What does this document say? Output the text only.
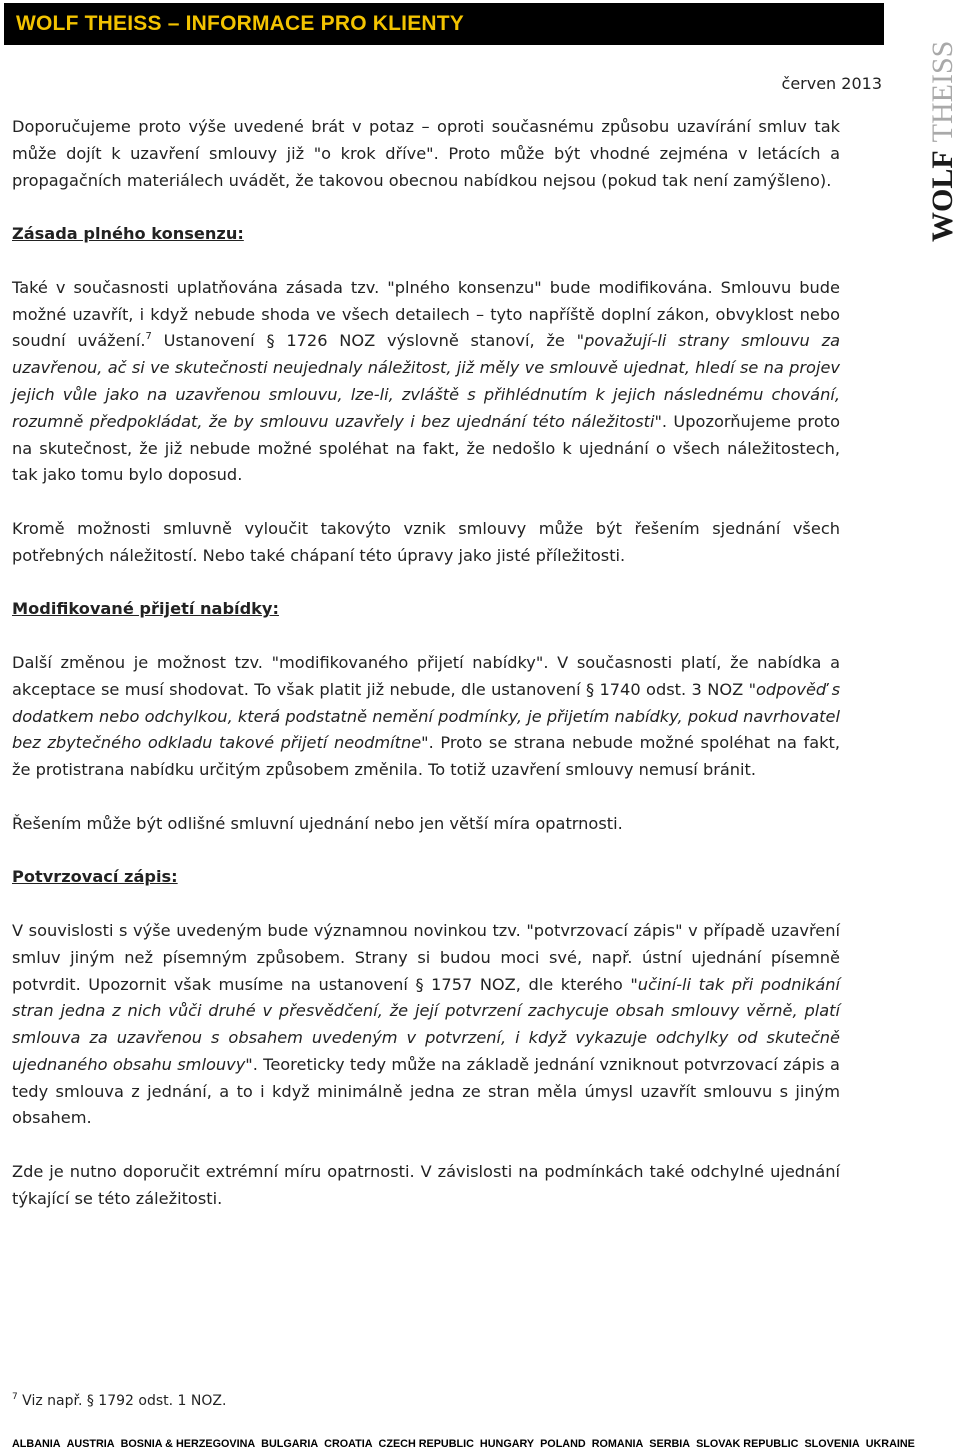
WOLF THEISS – INFORMACE PRO KLIENTY
červen 2013
WOLF
THEISS

Doporučujeme proto výše uvedené brát v potaz – oproti současnému způsobu uzavírání smluv tak může dojít k uzavření smlouvy již "o krok dříve". Proto může být vhodné zejména v letácích a propagačních materiálech uvádět, že takovou obecnou nabídkou nejsou (pokud tak není zamýšleno).

Zásada plného konsenzu:

Také v současnosti uplatňována zásada tzv. "plného konsenzu" bude modifikována. Smlouvu bude možné uzavřít, i když nebude shoda ve všech detailech – tyto napříště doplní zákon, obvyklost nebo soudní uvážení.$^7$ Ustanovení § 1726 NOZ výslovně stanoví, že "považují-li strany smlouvu za uzavřenou, ač si ve skutečnosti neujednaly náležitost, již měly ve smlouvě ujednat, hledí se na projev jejich vůle jako na uzavřenou smlouvu, lze-li, zvláště s přihlédnutím k jejich následnému chování, rozumně předpokládat, že by smlouvu uzavřely i bez ujednání této náležitosti". Upozorňujeme proto na skutečnost, že již nebude možné spoléhat na fakt, že nedošlo k ujednání o všech náležitostech, tak jako tomu bylo doposud.

Kromě možnosti smluvně vyloučit takovýto vznik smlouvy může být řešením sjednání všech potřebných náležitostí. Nebo také chápaní této úpravy jako jisté příležitosti.

Modifikované přijetí nabídky:

Další změnou je možnost tzv. "modifikovaného přijetí nabídky". V současnosti platí, že nabídka a akceptace se musí shodovat. To však platit již nebude, dle ustanovení § 1740 odst. 3 NOZ "odpověď s dodatkem nebo odchylkou, která podstatně nemění podmínky, je přijetím nabídky, pokud navrhovatel bez zbytečného odkladu takové přijetí neodmítne". Proto se strana nebude možné spoléhat na fakt, že protistrana nabídku určitým způsobem změnila. To totiž uzavření smlouvy nemusí bránit.

Řešením může být odlišné smluvní ujednání nebo jen větší míra opatrnosti.

Potvrzovací zápis:

V souvislosti s výše uvedeným bude významnou novinkou tzv. "potvrzovací zápis" v případě uzavření smluv jiným než písemným způsobem. Strany si budou moci své, např. ústní ujednání písemně potvrdit. Upozornit však musíme na ustanovení § 1757 NOZ, dle kterého "učiní-li tak při podnikání stran jedna z nich vůči druhé v přesvědčení, že její potvrzení zachycuje obsah smlouvy věrně, platí smlouva za uzavřenou s obsahem uvedeným v potvrzení, i když vykazuje odchylky od skutečně ujednaného obsahu smlouvy". Teoreticky tedy může na základě jednání vzniknout potvrzovací zápis a tedy smlouva z jednání, a to i když minimálně jedna ze stran měla úmysl uzavřít smlouvu s jiným obsahem.

Zde je nutno doporučit extrémní míru opatrnosti. V závislosti na podmínkách také odchylné ujednání týkající se této záležitosti.

$^7$ Viz např. § 1792 odst. 1 NOZ.
ALBANIA AUSTRIA BOSNIA & HERZEGOVINA BULGARIA CROATIA CZECH REPUBLIC HUNGARY POLAND ROMANIA SERBIA SLOVAK REPUBLIC SLOVENIA UKRAINE
